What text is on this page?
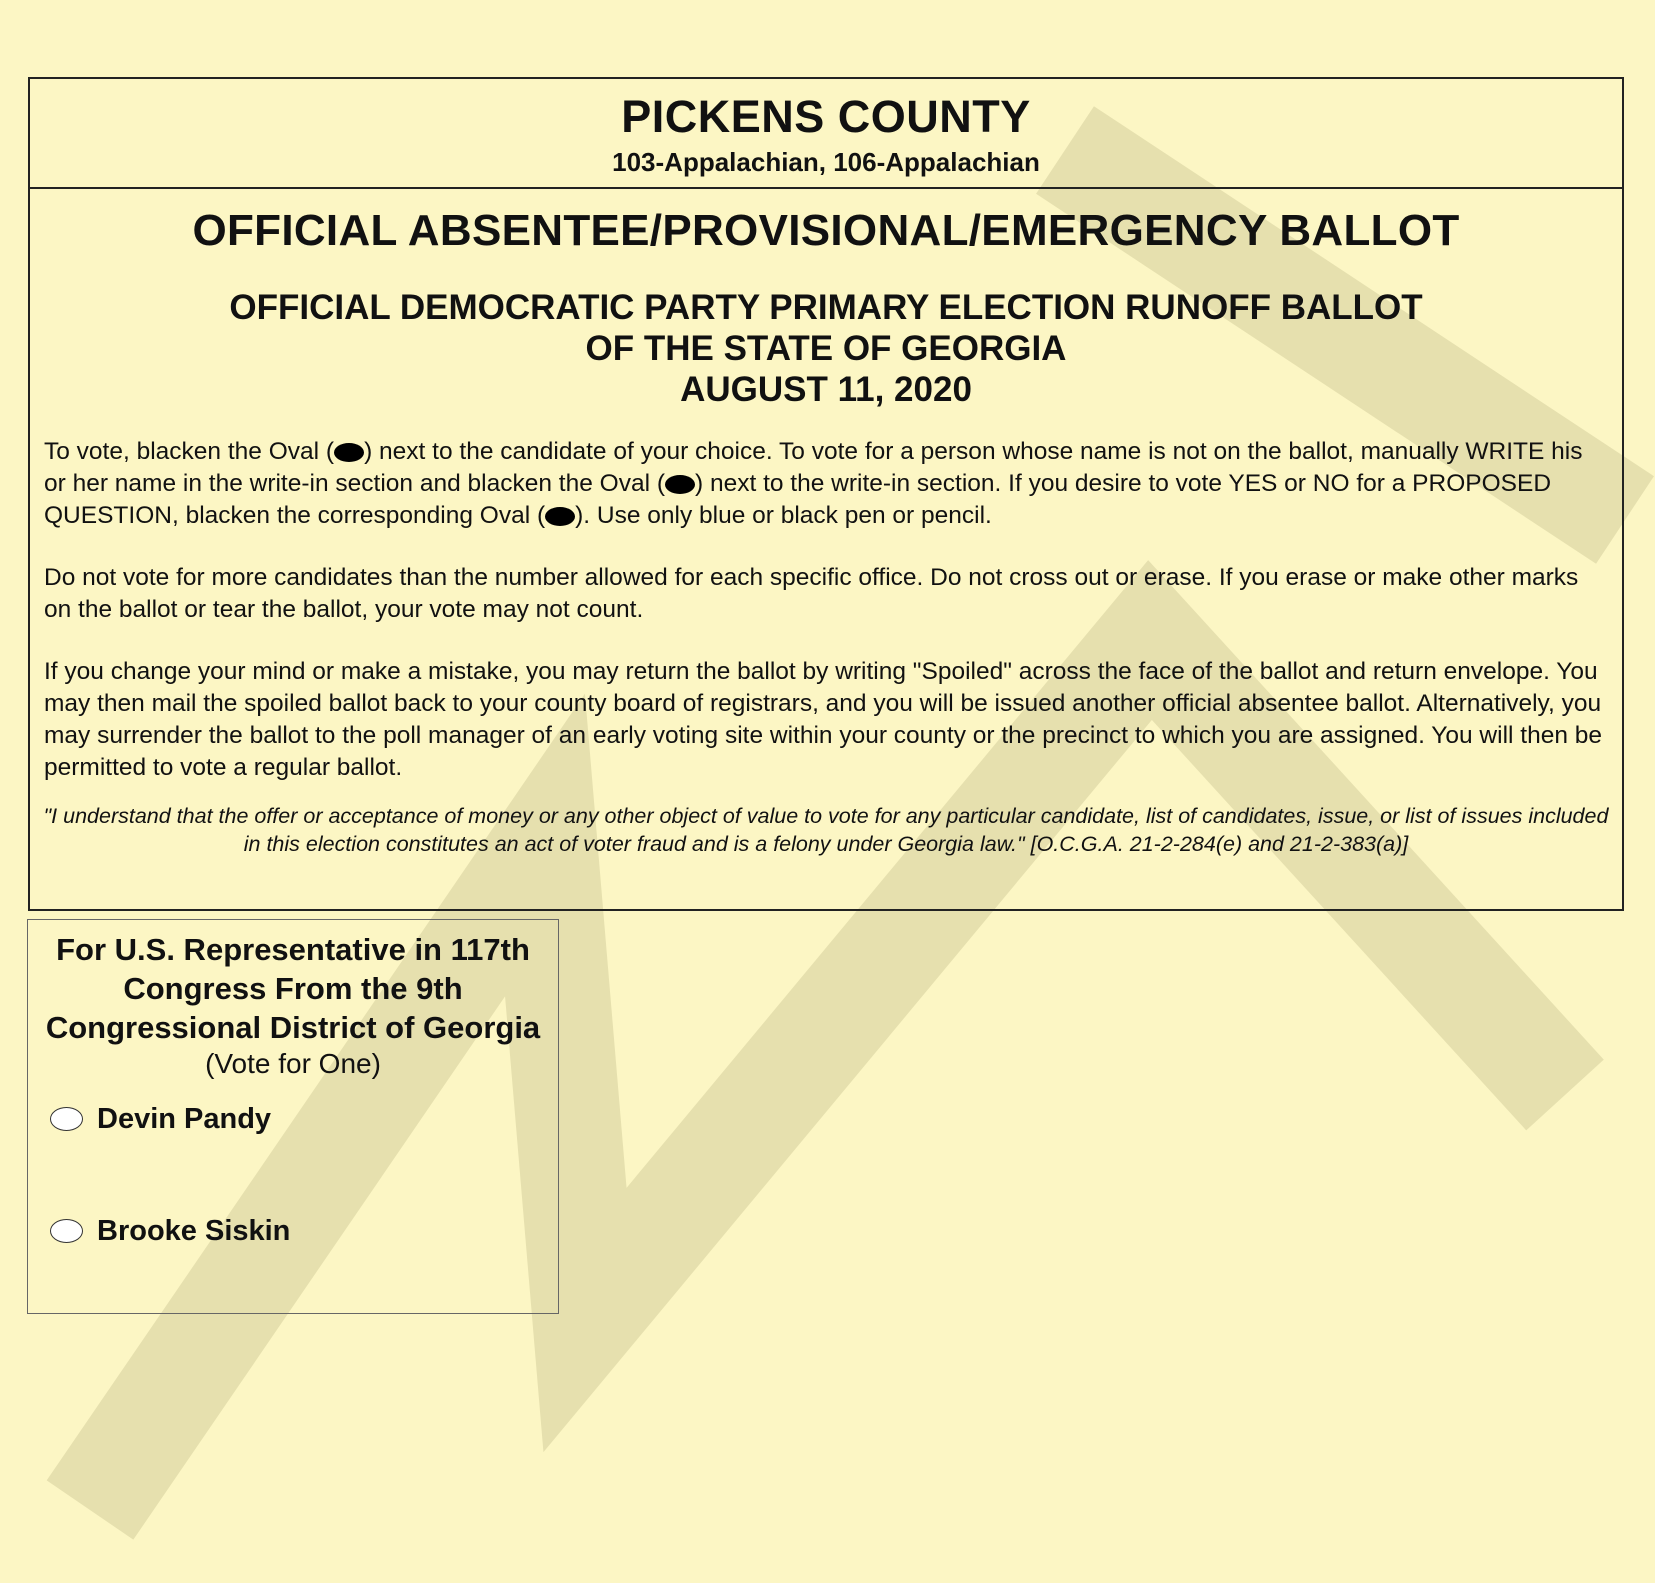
PICKENS COUNTY
103-Appalachian, 106-Appalachian
OFFICIAL ABSENTEE/PROVISIONAL/EMERGENCY BALLOT
OFFICIAL DEMOCRATIC PARTY PRIMARY ELECTION RUNOFF BALLOT
OF THE STATE OF GEORGIA
AUGUST 11, 2020

To vote, blacken the Oval ( ) next to the candidate of your choice. To vote for a person whose name is not on the ballot, manually WRITE his or her name in the write-in section and blacken the Oval ( ) next to the write-in section. If you desire to vote YES or NO for a PROPOSED QUESTION, blacken the corresponding Oval ( ). Use only blue or black pen or pencil.

Do not vote for more candidates than the number allowed for each specific office. Do not cross out or erase. If you erase or make other marks on the ballot or tear the ballot, your vote may not count.

If you change your mind or make a mistake, you may return the ballot by writing "Spoiled" across the face of the ballot and return envelope. You may then mail the spoiled ballot back to your county board of registrars, and you will be issued another official absentee ballot. Alternatively, you may surrender the ballot to the poll manager of an early voting site within your county or the precinct to which you are assigned. You will then be permitted to vote a regular ballot.

"I understand that the offer or acceptance of money or any other object of value to vote for any particular candidate, list of candidates, issue, or list of issues included in this election constitutes an act of voter fraud and is a felony under Georgia law." [O.C.G.A. 21-2-284(e) and 21-2-383(a)]
For U.S. Representative in 117th
Congress From the 9th
Congressional District of Georgia
(Vote for One)
Devin Pandy
Brooke Siskin
